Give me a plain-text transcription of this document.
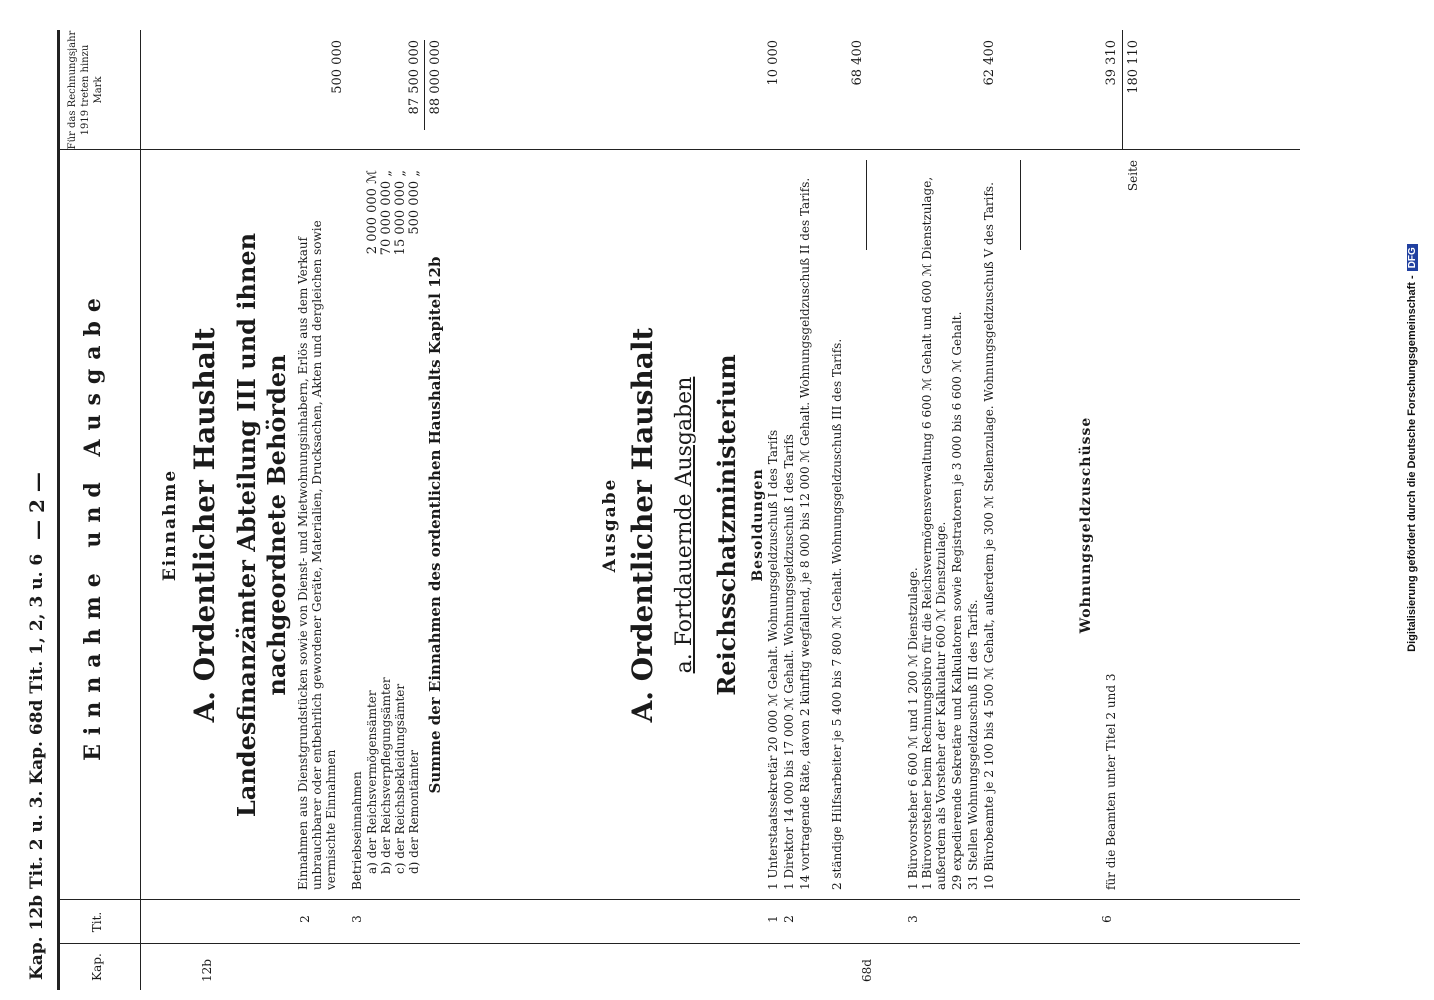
Digitalisierung gefördert durch die Deutsche Forschungsgemeinschaft -DFG
Kap. 12b Tit. 2 u. 3. Kap. 68d Tit. 1, 2, 3 u. 6
— 2 —
Kap.
Tit.
Einnahme und Ausgabe
Für das Rechnungsjahr 1919 treten hinzu Mark
12b
Einnahme A. Ordentlicher Haushalt Landesfinanzämter Abteilung III und ihnen nachgeordnete Behörden
2
Einnahmen aus Dienstgrundstücken sowie von Dienst- und Mietwohnungsinhabern, Erlös aus dem Verkauf unbrauchbarer oder entbehrlich gewordener Geräte, Materialien, Drucksachen, Akten und dergleichen sowie vermischte Einnahmen
500 000
3
Betriebseinnahmen a) der Reichsvermögensämter
2 000 000 ℳ
b) der Reichsverpflegungsämter
70 000 000 „
c) der Reichsbekleidungsämter
15 000 000 „
d) der Remontämter
500 000 „
87 500 000
Summe der Einnahmen des ordentlichen Haushalts Kapitel 12b
88 000 000
68d
Ausgabe A. Ordentlicher Haushalt a. Fortdauernde Ausgaben Reichsschatzministerium Besoldungen
1
1 Unterstaatssekretär 20 000 ℳ Gehalt. Wohnungsgeldzuschuß I des Tarifs
10 000
2
1 Direktor 14 000 bis 17 000 ℳ Gehalt. Wohnungsgeldzuschuß I des Tarifs 14 vortragende Räte, davon 2 künftig wegfallend, je 8 000 bis 12 000 ℳ Gehalt. Wohnungsgeldzuschuß II des Tarifs. 2 ständige Hilfsarbeiter je 5 400 bis 7 800 ℳ Gehalt. Wohnungsgeldzuschuß III des Tarifs.
68 400
3
1 Bürovorsteher 6 600 ℳ und 1 200 ℳ Dienstzulage. 1 Bürovorsteher beim Rechnungsbüro für die Reichsvermögensverwaltung 6 600 ℳ Gehalt und 600 ℳ Dienstzulage, außerdem als Vorsteher der Kalkulatur 600 ℳ Dienstzulage. 29 expedierende Sekretäre und Kalkulatoren sowie Registratoren je 3 000 bis 6 600 ℳ Gehalt. 31 Stellen Wohnungsgeldzuschuß III des Tarifs. 10 Bürobeamte je 2 100 bis 4 500 ℳ Gehalt, außerdem je 300 ℳ Stellenzulage. Wohnungsgeldzuschuß V des Tarifs.
62 400
Wohnungsgeldzuschüsse
6
für die Beamten unter Titel 2 und 3
39 310
Seite
180 110
